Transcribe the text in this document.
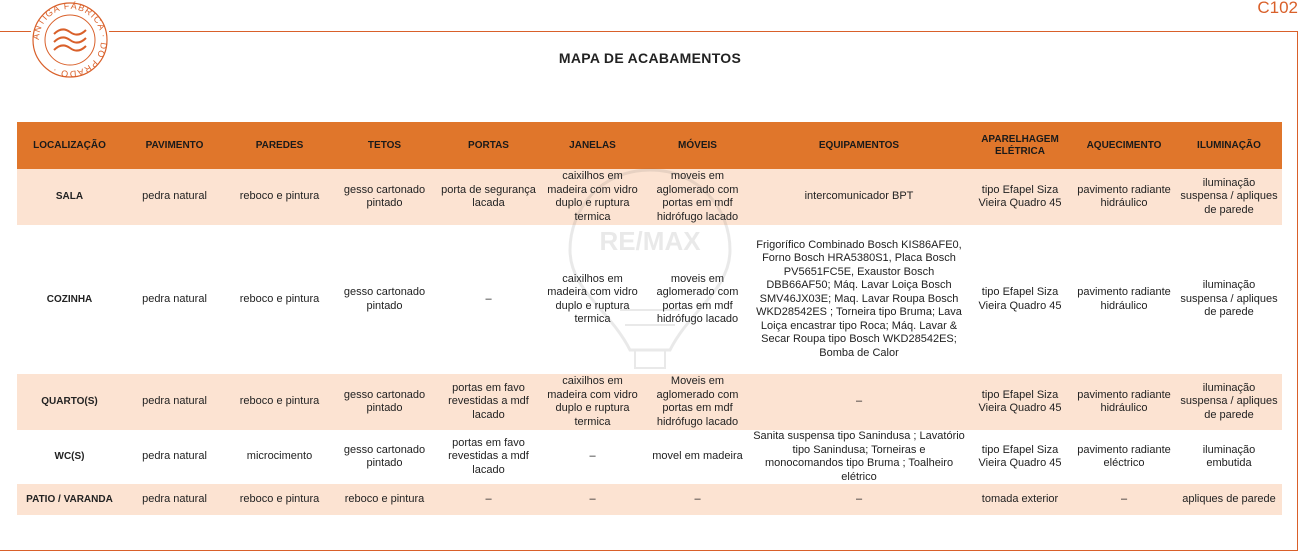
ANTIGA FÁBRICA · DO PRADO ·
C102
MAPA DE ACABAMENTOS
LOCALIZAÇÃO	PAVIMENTO	PAREDES	TETOS	PORTAS	JANELAS	MÓVEIS	EQUIPAMENTOS	APARELHAGEM ELÉTRICA	AQUECIMENTO	ILUMINAÇÃO
SALA	pedra natural	reboco e pintura	gesso cartonado pintado	porta de segurança lacada	caixilhos em madeira com vidro duplo e ruptura termica	moveis em aglomerado com portas em mdf hidrófugo lacado	intercomunicador BPT	tipo Efapel Siza Vieira Quadro 45	pavimento radiante hidráulico	iluminação suspensa / apliques de parede
COZINHA	pedra natural	reboco e pintura	gesso cartonado pintado	–	caixilhos em madeira com vidro duplo e ruptura termica	moveis em aglomerado com portas em mdf hidrófugo lacado	Frigorífico Combinado Bosch KIS86AFE0, Forno Bosch HRA5380S1, Placa Bosch PV5651FC5E, Exaustor Bosch DBB66AF50; Máq. Lavar Loiça Bosch SMV46JX03E; Maq. Lavar Roupa Bosch WKD28542ES ; Torneira tipo Bruma; Lava Loiça encastrar tipo Roca; Máq. Lavar & Secar Roupa tipo Bosch WKD28542ES; Bomba de Calor	tipo Efapel Siza Vieira Quadro 45	pavimento radiante hidráulico	iluminação suspensa / apliques de parede
QUARTO(S)	pedra natural	reboco e pintura	gesso cartonado pintado	portas em favo revestidas a mdf lacado	caixilhos em madeira com vidro duplo e ruptura termica	Moveis em aglomerado com portas em mdf hidrófugo lacado	–	tipo Efapel Siza Vieira Quadro 45	pavimento radiante hidráulico	iluminação suspensa / apliques de parede
WC(S)	pedra natural	microcimento	gesso cartonado pintado	portas em favo revestidas a mdf lacado	–	movel em madeira	Sanita suspensa tipo Sanindusa ; Lavatório tipo Sanindusa; Torneiras e monocomandos tipo Bruma ; Toalheiro elétrico	tipo Efapel Siza Vieira Quadro 45	pavimento radiante eléctrico	iluminação embutida
PATIO / VARANDA	pedra natural	reboco e pintura	reboco e pintura	–	–	–	–	tomada exterior	–	apliques de parede
RE/MAX
